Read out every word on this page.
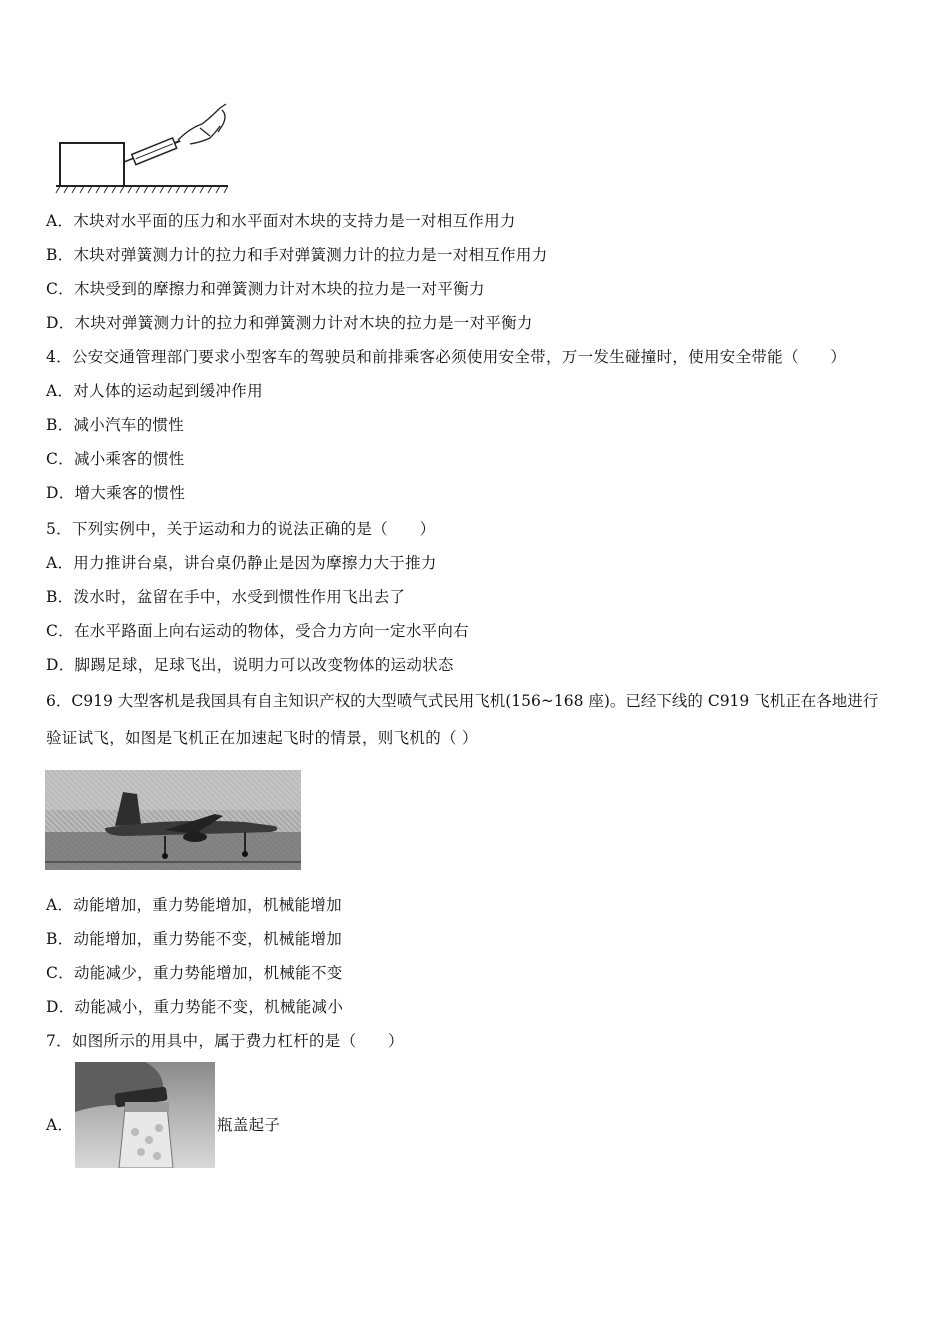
A．木块对水平面的压力和水平面对木块的支持力是一对相互作用力
B．木块对弹簧测力计的拉力和手对弹簧测力计的拉力是一对相互作用力
C．木块受到的摩擦力和弹簧测力计对木块的拉力是一对平衡力
D．木块对弹簧测力计的拉力和弹簧测力计对木块的拉力是一对平衡力
4．公安交通管理部门要求小型客车的驾驶员和前排乘客必须使用安全带，万一发生碰撞时，使用安全带能（　　）
A．对人体的运动起到缓冲作用
B．减小汽车的惯性
C．减小乘客的惯性
D．增大乘客的惯性
5．下列实例中，关于运动和力的说法正确的是（　　）
A．用力推讲台桌，讲台桌仍静止是因为摩擦力大于推力
B．泼水时，盆留在手中，水受到惯性作用飞出去了
C．在水平路面上向右运动的物体，受合力方向一定水平向右
D．脚踢足球，足球飞出，说明力可以改变物体的运动状态
6．C919 大型客机是我国具有自主知识产权的大型喷气式民用飞机(156~168 座)。已经下线的 C919 飞机正在各地进行
验证试飞，如图是飞机正在加速起飞时的情景，则飞机的（ ）
A．动能增加，重力势能增加，机械能增加
B．动能增加，重力势能不变，机械能增加
C．动能减少，重力势能增加，机械能不变
D．动能减小，重力势能不变，机械能减小
7．如图所示的用具中，属于费力杠杆的是（　　）
A．	瓶盖起子
